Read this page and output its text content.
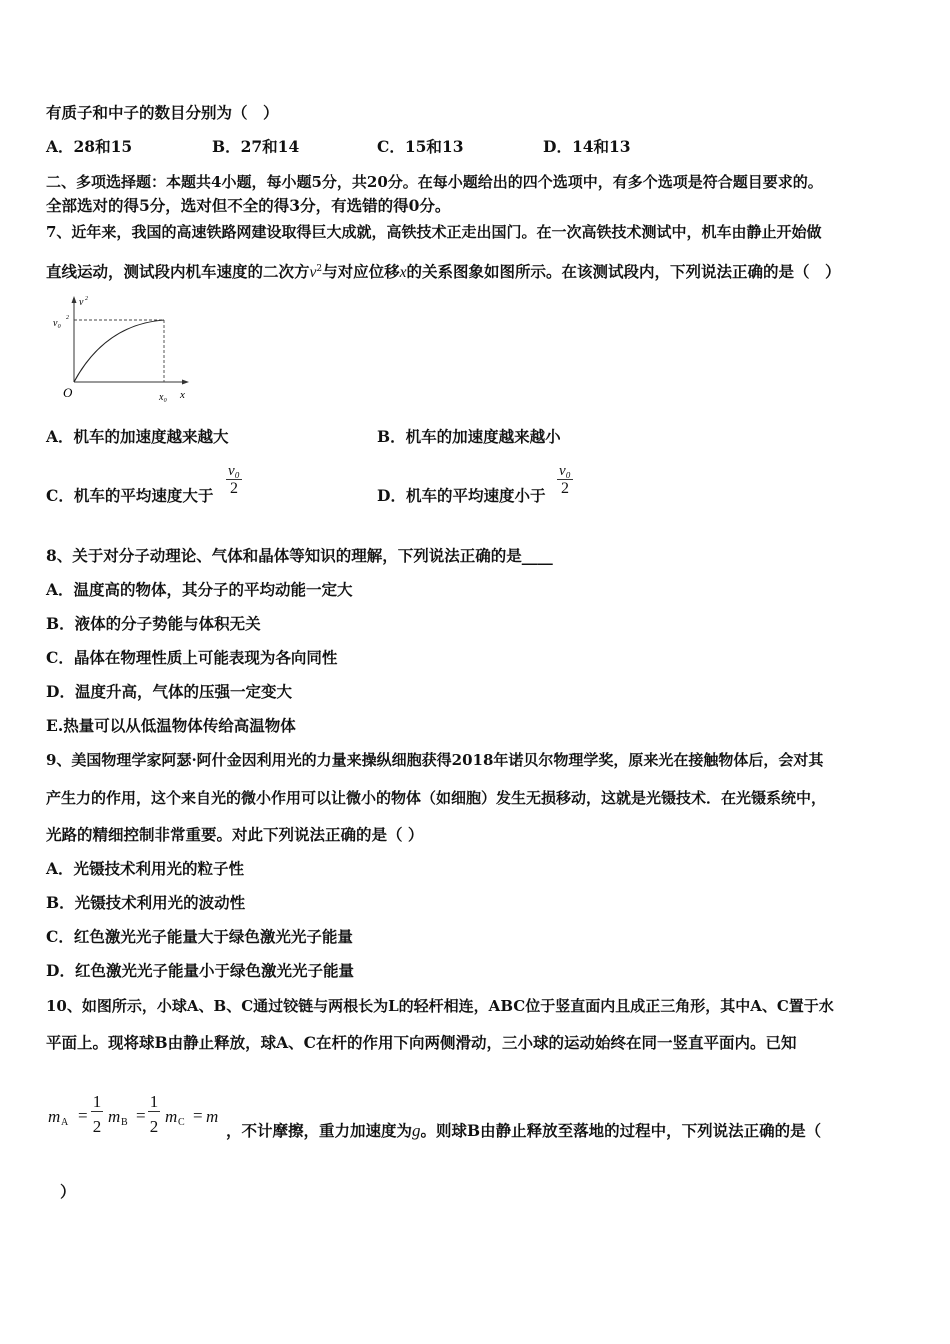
有质子和中子的数目分别为（　）
A．28和15	B．27和14	C．15和13	D．14和13
二、多项选择题：本题共4小题，每小题5分，共20分。在每小题给出的四个选项中，有多个选项是符合题目要求的。
全部选对的得5分，选对但不全的得3分，有选错的得0分。
7、近年来，我国的高速铁路网建设取得巨大成就，高铁技术正走出国门。在一次高铁技术测试中，机车由静止开始做
直线运动，测试段内机车速度的二次方$v^2$与对应位移x的关系图象如图所示。在该测试段内，下列说法正确的是（　）
v 2
v₀ 2
O	x₀ x
A．机车的加速度越来越大	B．机车的加速度越来越小
C．机车的平均速度大于 $\frac{\text{v₀}}{2}$	D．机车的平均速度小于 $\frac{\text{v₀}}{2}$
8、关于对分子动理论、气体和晶体等知识的理解，下列说法正确的是____
A．温度高的物体，其分子的平均动能一定大
B．液体的分子势能与体积无关
C．晶体在物理性质上可能表现为各向同性
D．温度升高，气体的压强一定变大
E.热量可以从低温物体传给高温物体
9、美国物理学家阿瑟·阿什金因利用光的力量来操纵细胞获得2018年诺贝尔物理学奖，原来光在接触物体后，会对其
产生力的作用，这个来自光的微小作用可以让微小的物体（如细胞）发生无损移动，这就是光镊技术．在光镊系统中，
光路的精细控制非常重要。对此下列说法正确的是（ ）
A．光镊技术利用光的粒子性
B．光镊技术利用光的波动性
C．红色激光光子能量大于绿色激光光子能量
D．红色激光光子能量小于绿色激光光子能量
10、如图所示，小球A、B、C通过铰链与两根长为L的轻杆相连，ABC位于竖直面内且成正三角形，其中A、C置于水
平面上。现将球B由静止释放，球A、C在杆的作用下向两侧滑动，三小球的运动始终在同一竖直平面内。已知
m A =
1
2
m B =
1
2
m C = m
，不计摩擦，重力加速度为g。则球B由静止释放至落地的过程中，下列说法正确的是（
）
